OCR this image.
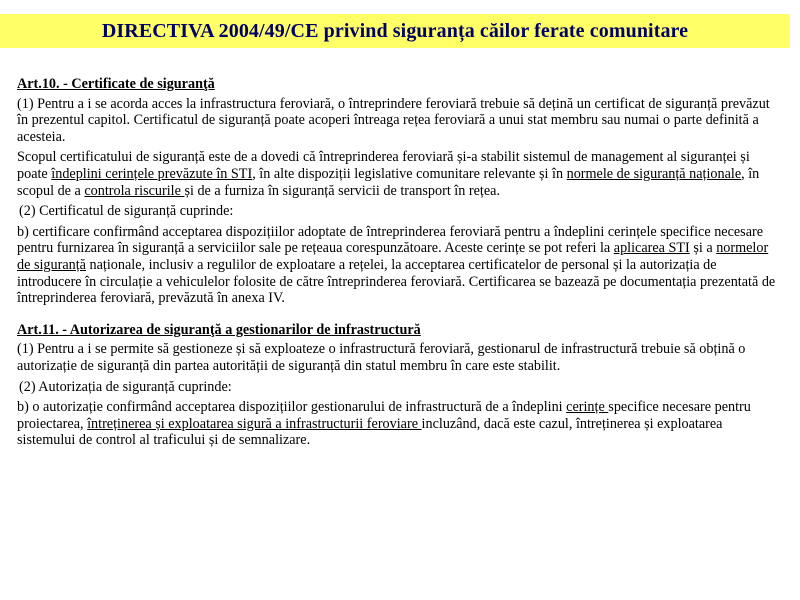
DIRECTIVA 2004/49/CE privind siguranța căilor ferate comunitare
Art.10. - Certificate de siguranţă
(1) Pentru a i se acorda acces la infrastructura feroviară, o întreprindere feroviară trebuie să dețină un certificat de siguranță prevăzut în prezentul capitol. Certificatul de siguranță poate acoperi întreaga rețea feroviară a unui stat membru sau numai o parte definită a acesteia.
Scopul certificatului de siguranță este de a dovedi că întreprinderea feroviară și-a stabilit sistemul de management al siguranței și poate îndeplini cerințele prevăzute în STI, în alte dispoziții legislative comunitare relevante și în normele de siguranță naționale, în scopul de a controla riscurile și de a furniza în siguranță servicii de transport în rețea.
(2) Certificatul de siguranță cuprinde:
b) certificare confirmând acceptarea dispozițiilor adoptate de întreprinderea feroviară pentru a îndeplini cerințele specifice necesare pentru furnizarea în siguranță a serviciilor sale pe rețeaua corespunzătoare. Aceste cerințe se pot referi la aplicarea STI și a normelor de siguranță naționale, inclusiv a regulilor de exploatare a rețelei, la acceptarea certificatelor de personal și la autorizația de introducere în circulație a vehiculelor folosite de către întreprinderea feroviară. Certificarea se bazează pe documentația prezentată de întreprinderea feroviară, prevăzută în anexa IV.
Art.11. - Autorizarea de siguranţă a gestionarilor de infrastructură
(1) Pentru a i se permite să gestioneze și să exploateze o infrastructură feroviară, gestionarul de infrastructură trebuie să obțină o autorizație de siguranță din partea autorității de siguranță din statul membru în care este stabilit.
(2) Autorizația de siguranță cuprinde:
b) o autorizație confirmând acceptarea dispozițiilor gestionarului de infrastructură de a îndeplini cerințe specifice necesare pentru proiectarea, întreținerea și exploatarea sigură a infrastructurii feroviare incluzând, dacă este cazul, întreținerea și exploatarea sistemului de control al traficului și de semnalizare.
